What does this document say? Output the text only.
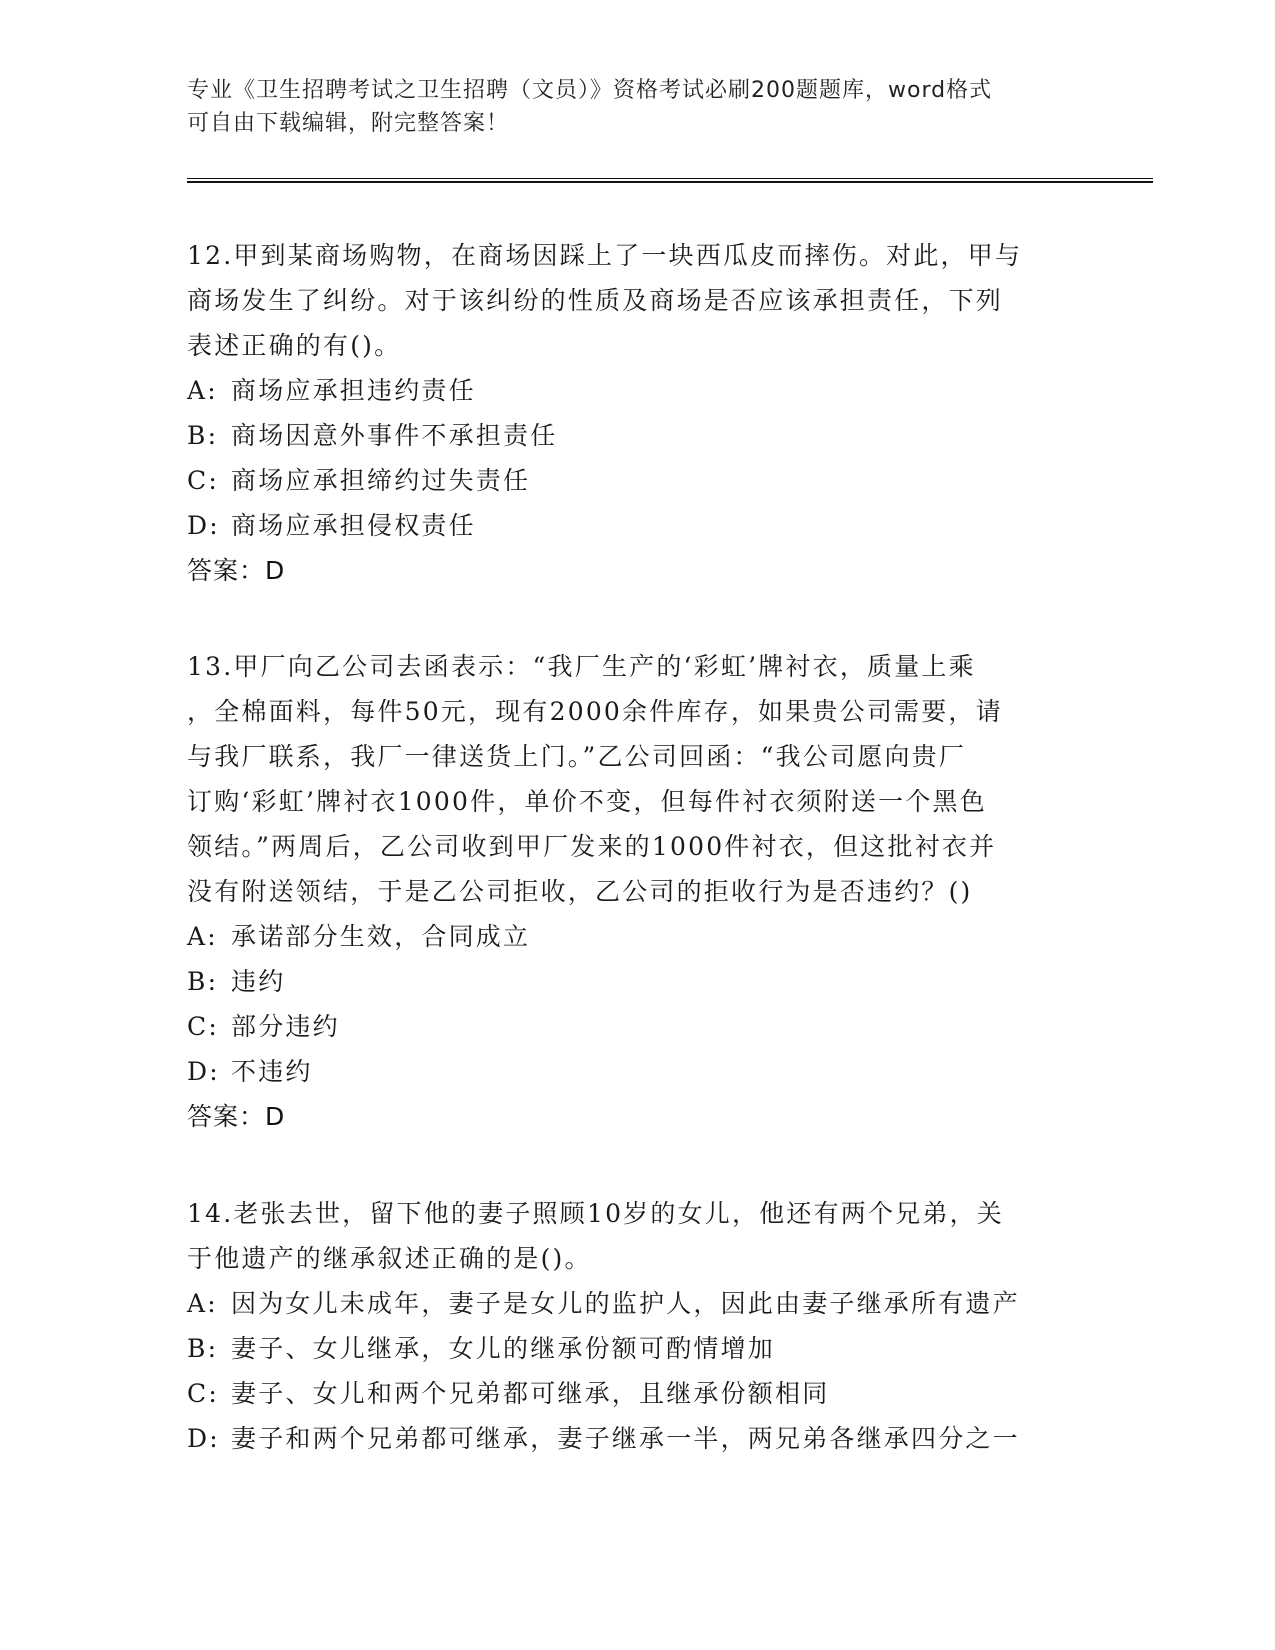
专业《卫生招聘考试之卫生招聘（文员）》资格考试必刷200题题库，word格式
可自由下载编辑，附完整答案！
12.甲到某商场购物，在商场因踩上了一块西瓜皮而摔伤。对此，甲与
商场发生了纠纷。对于该纠纷的性质及商场是否应该承担责任，下列
表述正确的有()。
A: 商场应承担违约责任
B: 商场因意外事件不承担责任
C: 商场应承担缔约过失责任
D: 商场应承担侵权责任
答案：D
13.甲厂向乙公司去函表示：“我厂生产的‘彩虹’牌衬衣，质量上乘
，全棉面料，每件50元，现有2000余件库存，如果贵公司需要，请
与我厂联系，我厂一律送货上门。”乙公司回函：“我公司愿向贵厂
订购‘彩虹’牌衬衣1000件，单价不变，但每件衬衣须附送一个黑色
领结。”两周后，乙公司收到甲厂发来的1000件衬衣，但这批衬衣并
没有附送领结，于是乙公司拒收，乙公司的拒收行为是否违约？()
A: 承诺部分生效，合同成立
B: 违约
C: 部分违约
D: 不违约
答案：D
14.老张去世，留下他的妻子照顾10岁的女儿，他还有两个兄弟，关
于他遗产的继承叙述正确的是()。
A: 因为女儿未成年，妻子是女儿的监护人，因此由妻子继承所有遗产
B: 妻子、女儿继承，女儿的继承份额可酌情增加
C: 妻子、女儿和两个兄弟都可继承，且继承份额相同
D: 妻子和两个兄弟都可继承，妻子继承一半，两兄弟各继承四分之一
